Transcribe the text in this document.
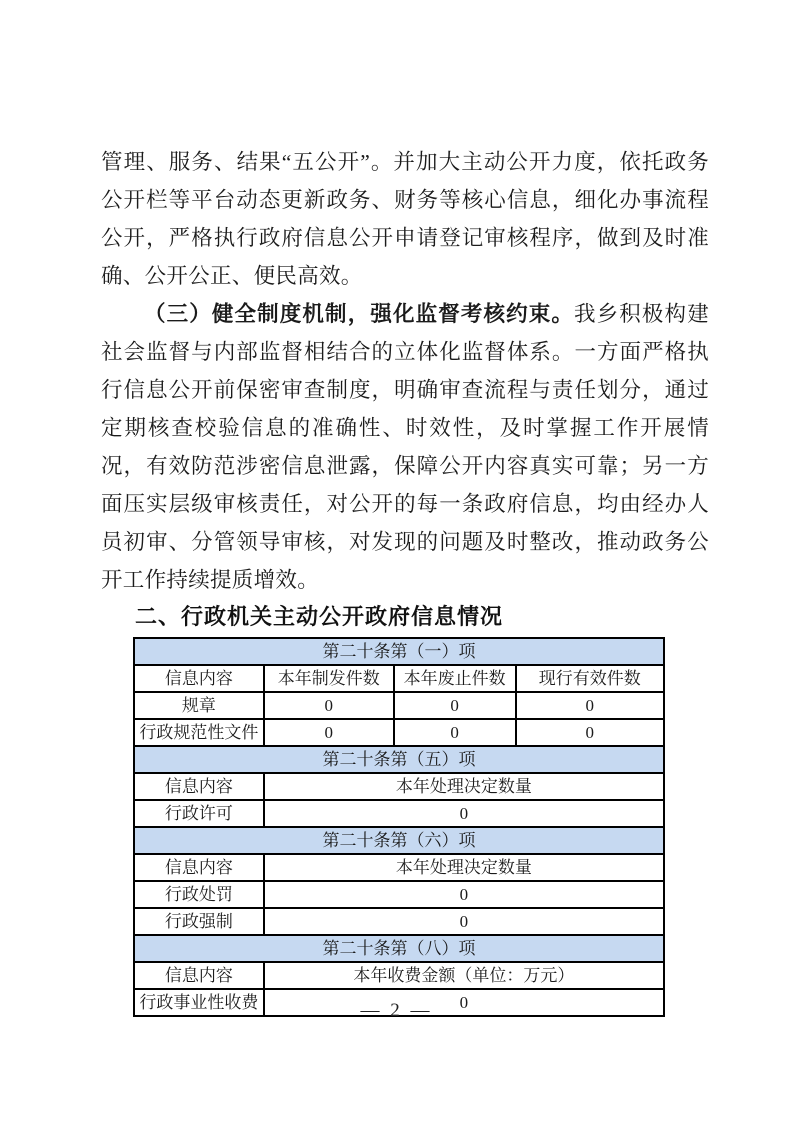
管理、服务、结果“五公开”。并加大主动公开力度，依托政务公开栏等平台动态更新政务、财务等核心信息，细化办事流程公开，严格执行政府信息公开申请登记审核程序，做到及时准确、公开公正、便民高效。

（三）健全制度机制，强化监督考核约束。我乡积极构建社会监督与内部监督相结合的立体化监督体系。一方面严格执行信息公开前保密审查制度，明确审查流程与责任划分，通过定期核查校验信息的准确性、时效性，及时掌握工作开展情况，有效防范涉密信息泄露，保障公开内容真实可靠；另一方面压实层级审核责任，对公开的每一条政府信息，均由经办人员初审、分管领导审核，对发现的问题及时整改，推动政务公开工作持续提质增效。

二、行政机关主动公开政府信息情况
第二十条第（一）项			
信息内容	本年制发件数	本年废止件数	现行有效件数
规章	0	0	0
行政规范性文件	0	0	0
第二十条第（五）项			
信息内容	本年处理决定数量		
行政许可	0		
第二十条第（六）项			
信息内容	本年处理决定数量		
行政处罚	0		
行政强制	0		
第二十条第（八）项			
信息内容	本年收费金额（单位：万元）		
行政事业性收费	0		
— 2 —
